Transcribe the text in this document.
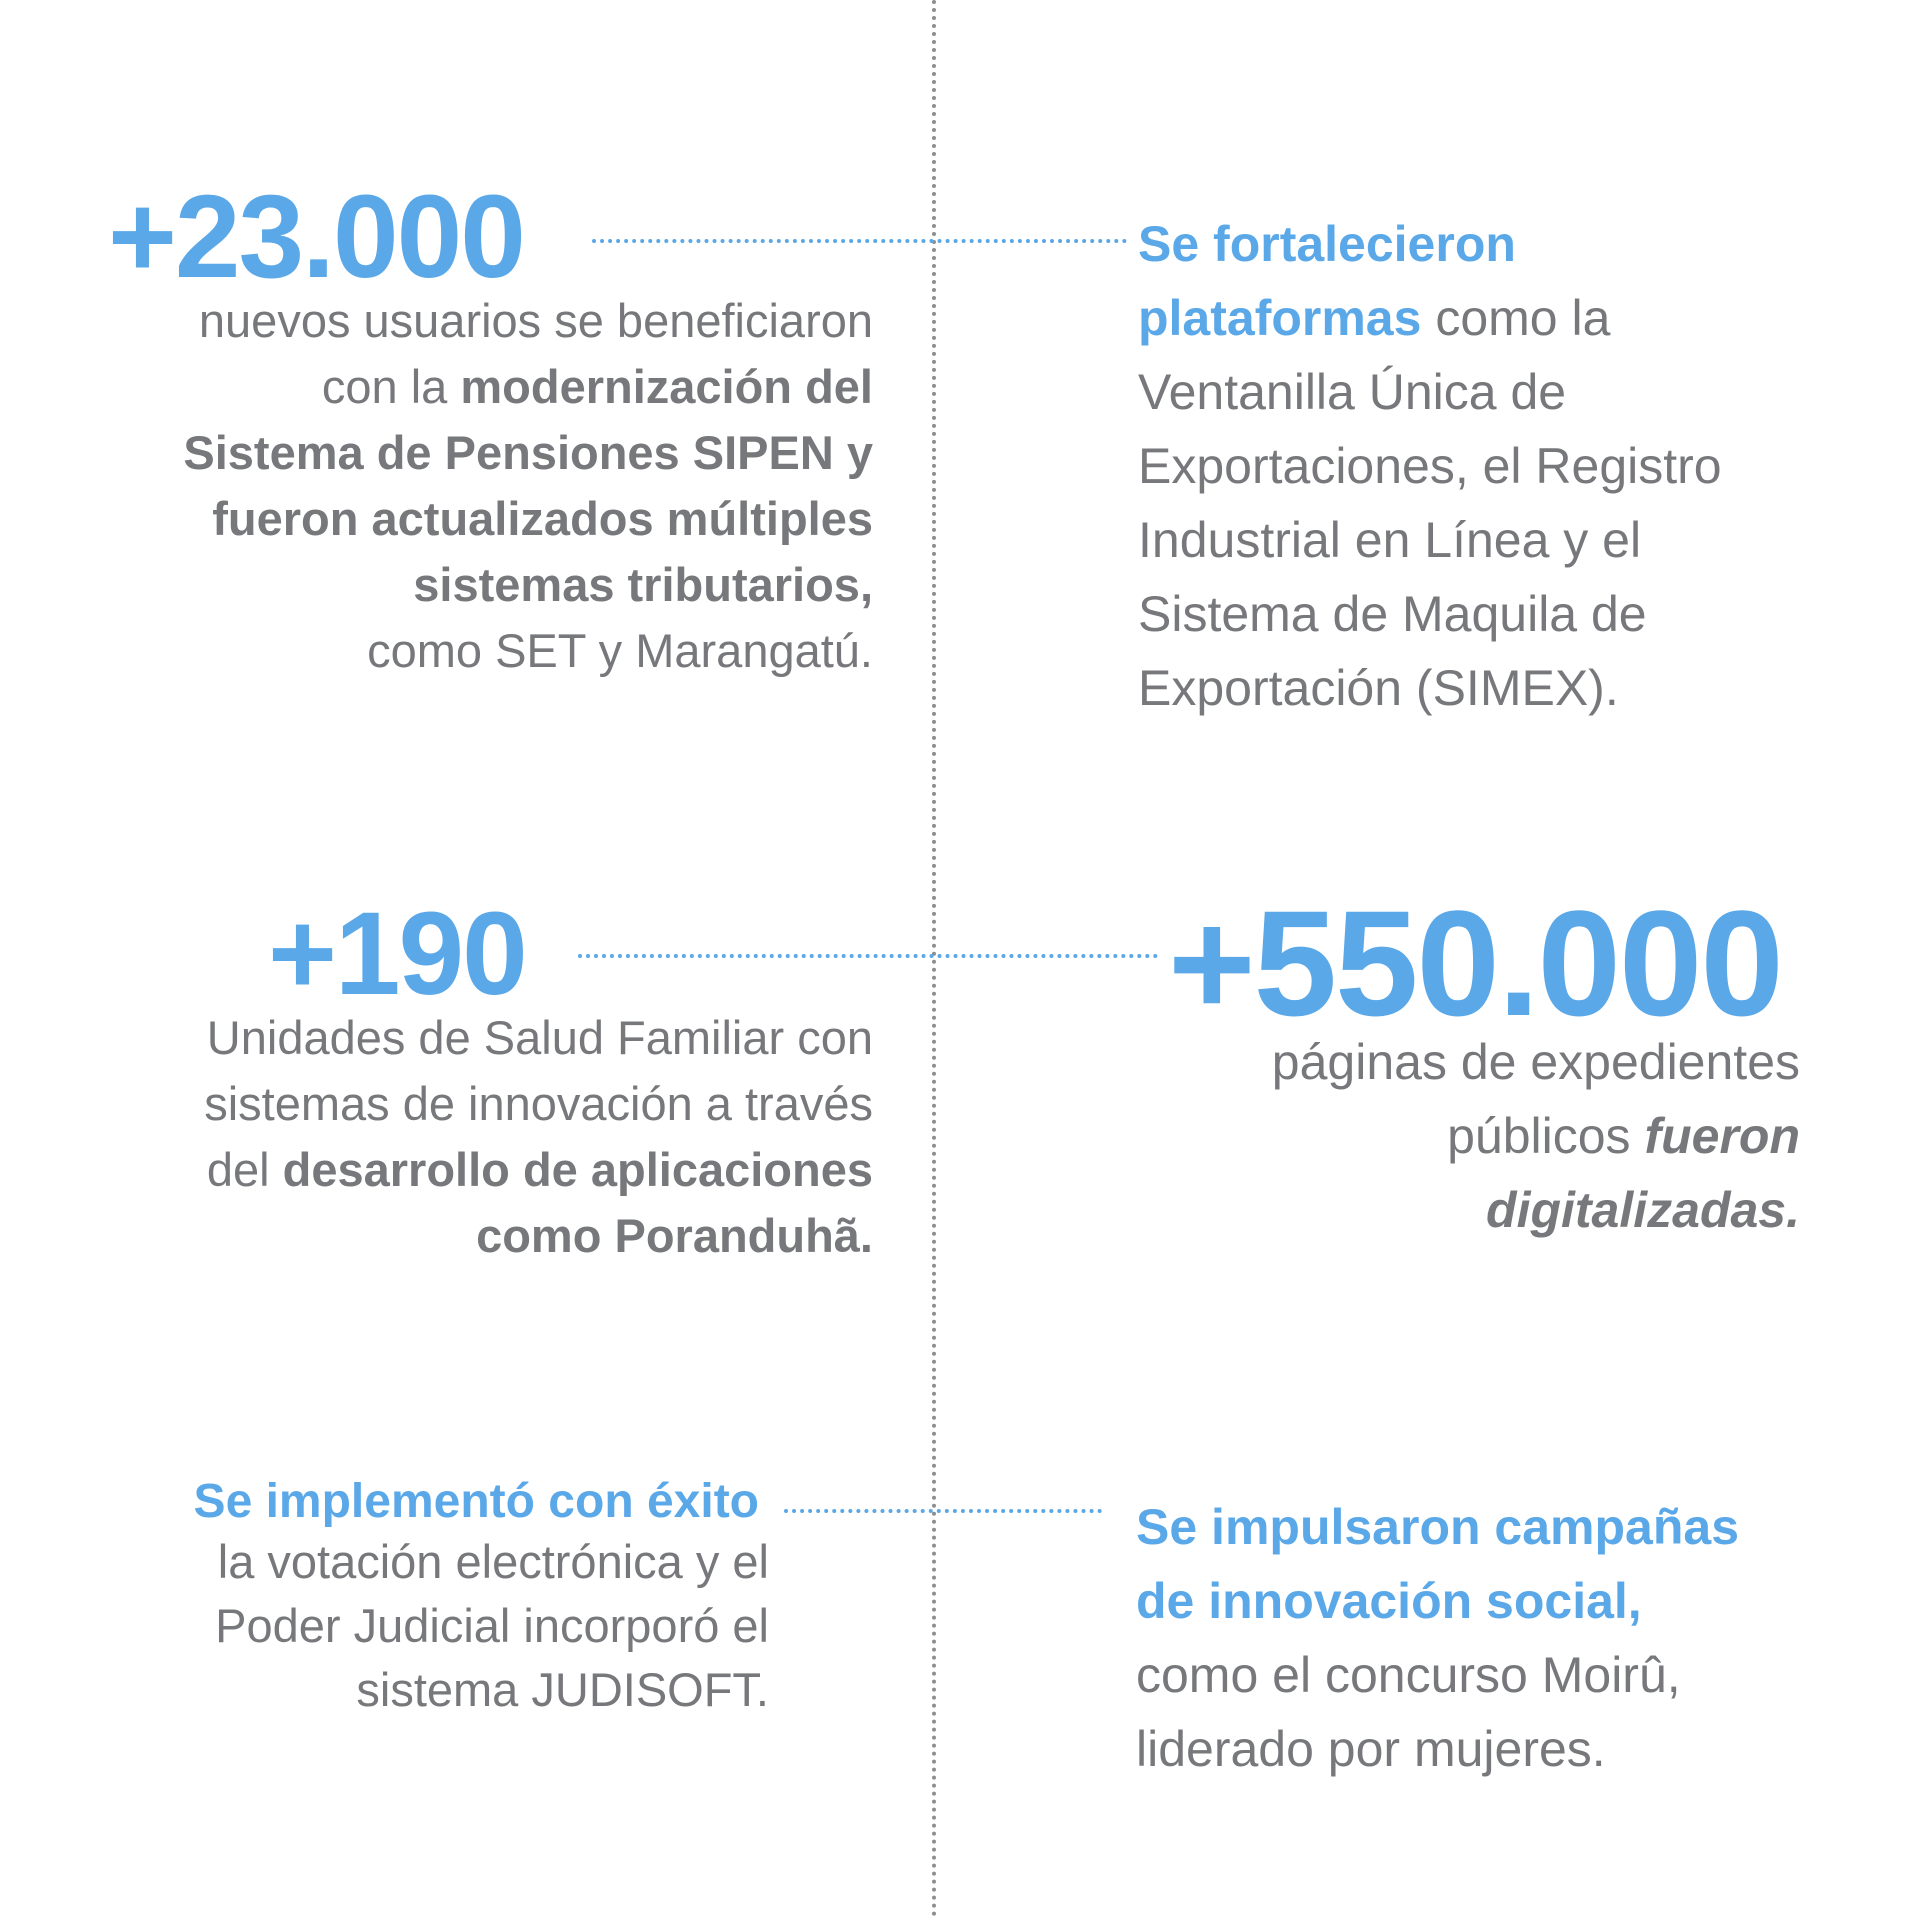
+23.000
nuevos usuarios se beneficiaron
con la modernización del
Sistema de Pensiones SIPEN y
fueron actualizados múltiples
sistemas tributarios,
como SET y Marangatú.
Se fortalecieron
plataformas como la
Ventanilla Única de
Exportaciones, el Registro
Industrial en Línea y el
Sistema de Maquila de
Exportación (SIMEX).
+190
Unidades de Salud Familiar con
sistemas de innovación a través
del desarrollo de aplicaciones
como Poranduhã.
+550.000
páginas de expedientes
públicos fueron
digitalizadas.
Se implementó con éxito
la votación electrónica y el
Poder Judicial incorporó el
sistema JUDISOFT.
Se impulsaron campañas
de innovación social,
como el concurso Moirû,
liderado por mujeres.
